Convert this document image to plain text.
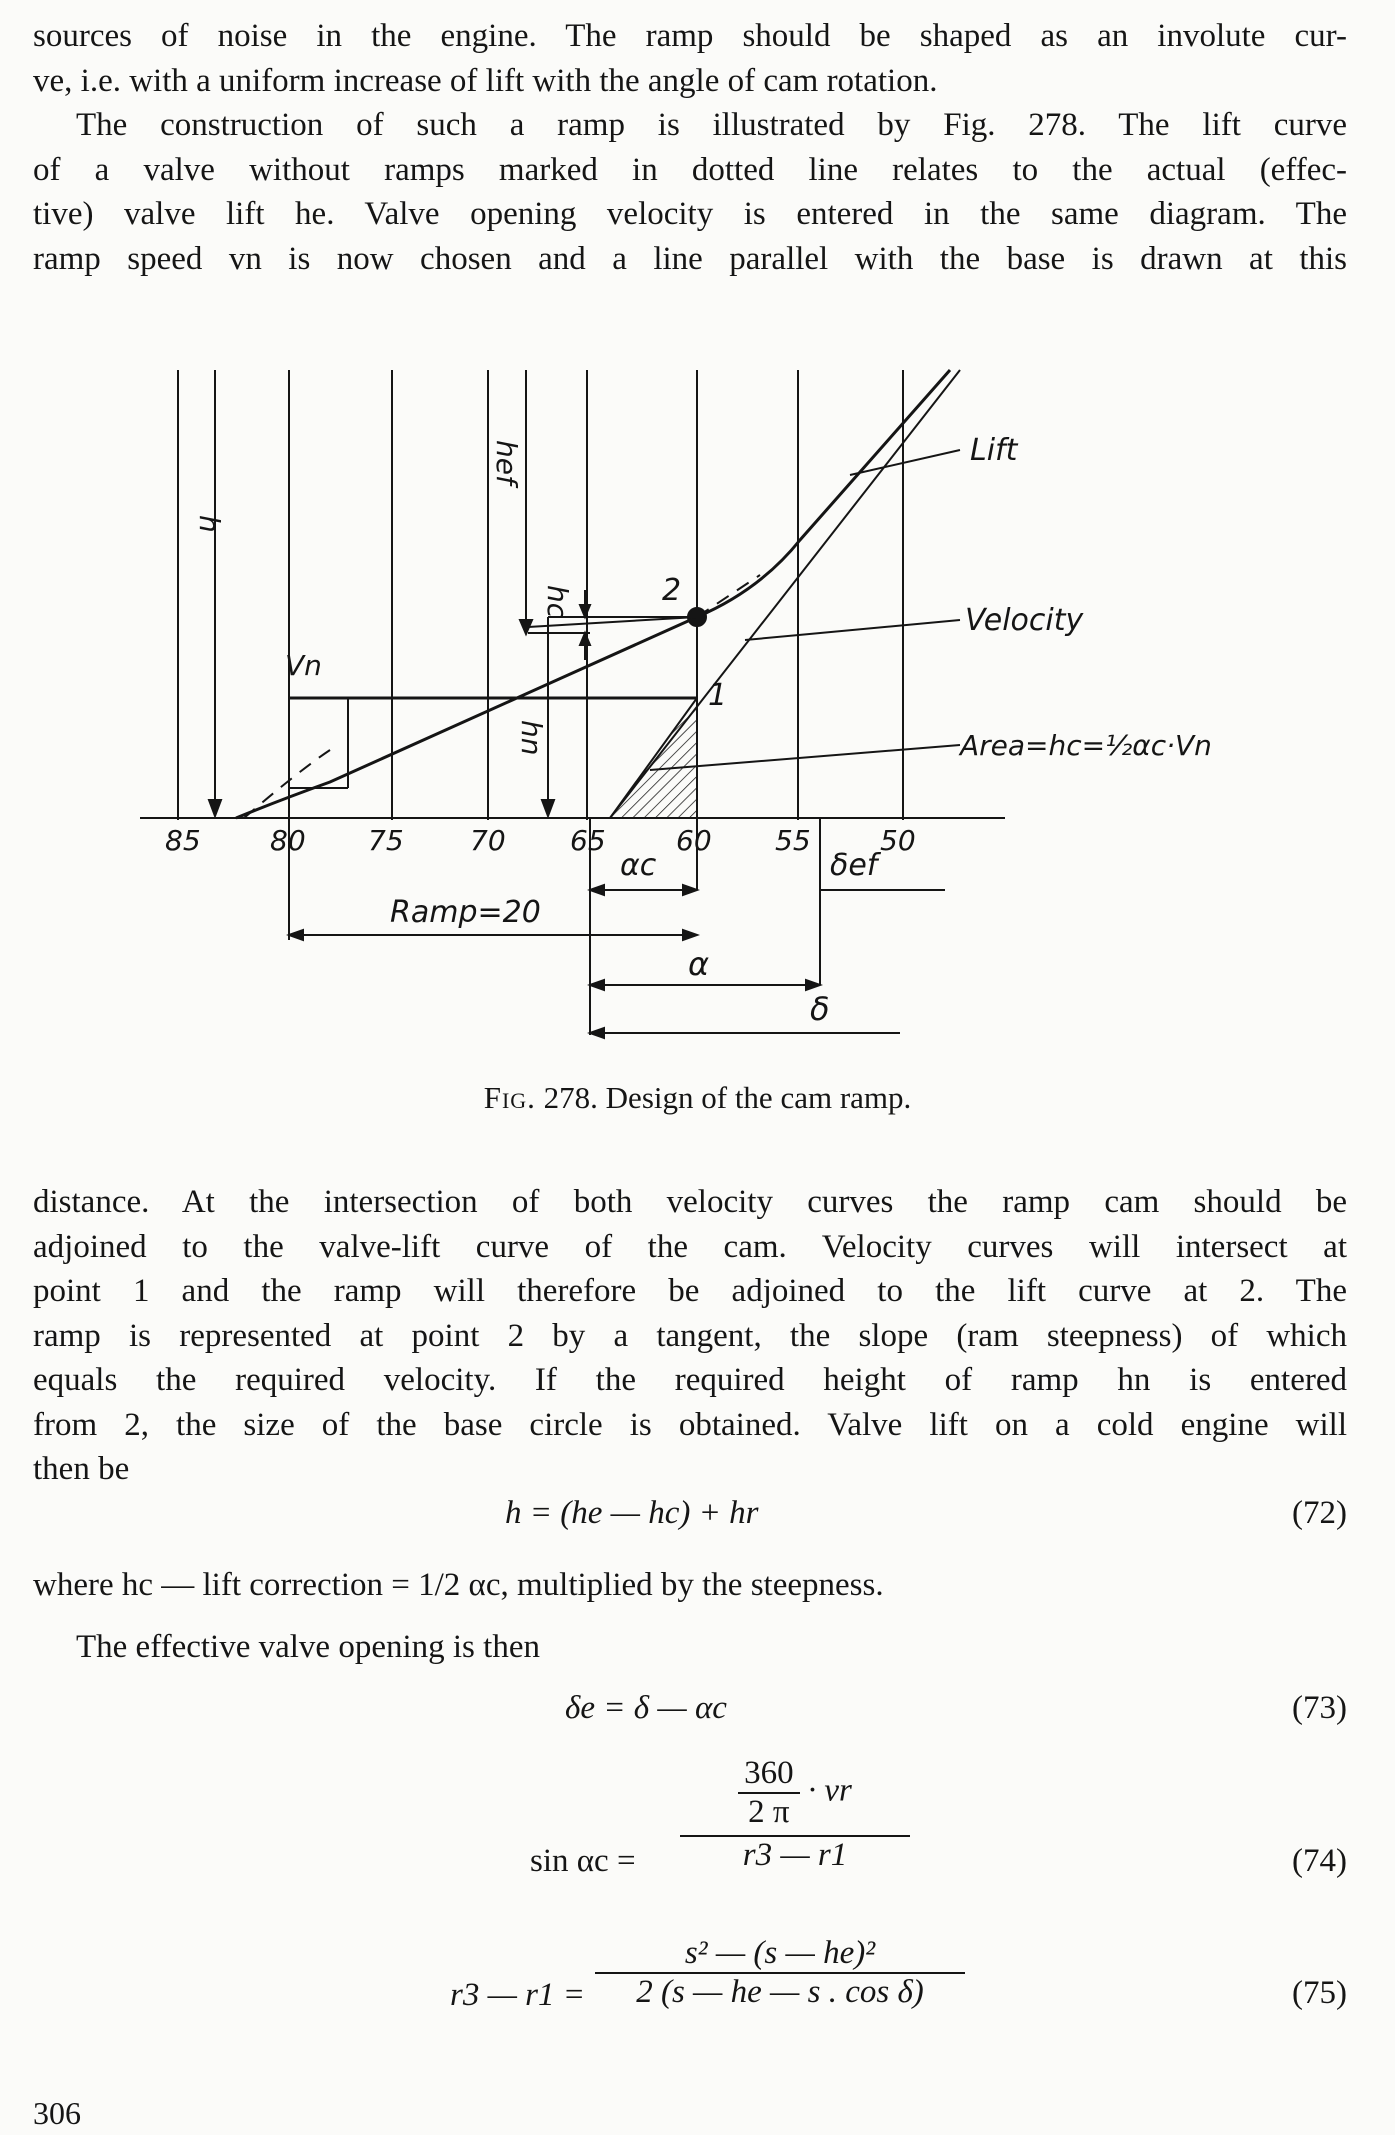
sources of noise in the engine. The ramp should be shaped as an involute cur-
ve, i.e. with a uniform increase of lift with the angle of cam rotation.
The construction of such a ramp is illustrated by Fig. 278. The lift curve
of a valve without ramps marked in dotted line relates to the actual (effec-
tive) valve lift he. Valve opening velocity is entered in the same diagram. The
ramp speed vn is now chosen and a line parallel with the base is drawn at this
Lift
Velocity
Area=hc=½αc·Vn
Vn
h
hef
hc
hn
2
1
αc	δef
Ramp=20
α
δ
85 80 75 70 65	60 55 50
Fig. 278. Design of the cam ramp.
distance. At the intersection of both velocity curves the ramp cam should be
adjoined to the valve-lift curve of the cam. Velocity curves will intersect at
point 1 and the ramp will therefore be adjoined to the lift curve at 2. The
ramp is represented at point 2 by a tangent, the slope (ram steepness) of which
equals the required velocity. If the required height of ramp hn is entered
from 2, the size of the base circle is obtained. Valve lift on a cold engine will
then be
h = (he — hc) + hr	(72)
where hc — lift correction = 1/2 αc, multiplied by the steepness.
The effective valve opening is then
δe = δ — αc	(73)
$\sin \alpha c = \frac{\frac{360}{2 \pi} \cdot vr}{r3 — r1}$	(74)
r3 — $r1 = \frac{\text{s² — (s — he)²}}{\text{2 (s — he — s . cos δ)}}$	(75)
306
